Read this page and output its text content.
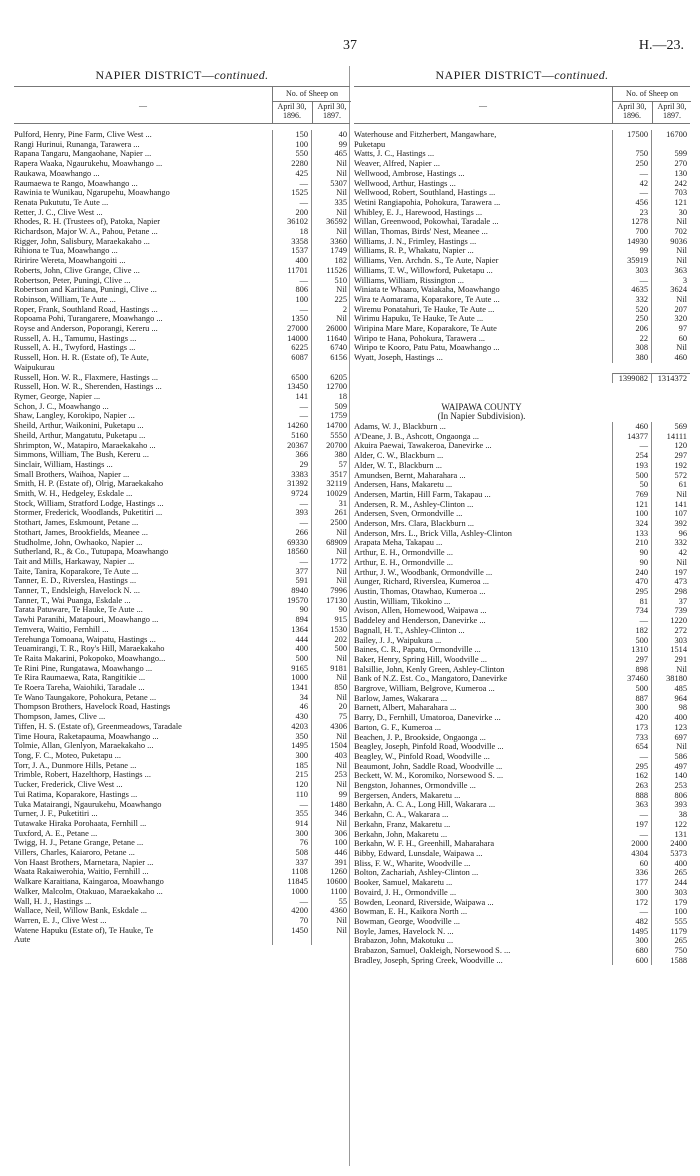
37	H.—23.
NAPIER DISTRICT—continued.
—
No. of Sheep on
April 30, 1896.
April 30, 1897.
Pulford, Henry, Pine Farm, Clive West ...	150	40
Rangi Hurinui, Runanga, Tarawera ...	100	99
Rapana Tangaru, Mangaohane, Napier ...	550	465
Rapera Waaka, Ngaurukehu, Moawhango ...	2280	Nil
Raukawa, Moawhango ...	425	Nil
Raumaewa te Rango, Moawhango ...	—	5307
Rawinia te Wunikau, Ngarupehu, Moawhango	1525	Nil
Renata Pukututu, Te Aute ...	—	335
Retter, J. C., Clive West ...	200	Nil
Rhodes, R. H. (Trustees of), Patoka, Napier	36102	36592
Richardson, Major W. A., Pahou, Petane ...	18	Nil
Rigger, John, Salisbury, Maraekakaho ...	3358	3360
Rihiona te Tua, Moawhango ...	1537	1749
Riririre Wereta, Moawhangoiti ...	400	182
Roberts, John, Clive Grange, Clive ...	11701	11526
Robertson, Peter, Puningi, Clive ...	—	510
Robertson and Karitiana, Puningi, Clive ...	806	Nil
Robinson, William, Te Aute ...	100	225
Roper, Frank, Southland Road, Hastings ...	—	2
Ropoama Pohi, Turangarere, Moawhango ...	1350	Nil
Royse and Anderson, Poporangi, Kereru ...	27000	26000
Russell, A. H., Tamumu, Hastings ...	14000	11640
Russell, A. H., Twyford, Hastings ...	6225	6740
Russell, Hon. H. R. (Estate of), Te Aute,	6087	6156
Waipukurau
Russell, Hon. W. R., Flaxmere, Hastings ...	6500	6205
Russell, Hon. W. R., Sherenden, Hastings ...	13450	12700
Rymer, George, Napier ...	141	18
Schon, J. C., Moawhango ...	—	509
Shaw, Langley, Korokipo, Napier ...	—	1759
Sheild, Arthur, Waikonini, Puketapu ...	14260	14700
Sheild, Arthur, Mangatutu, Puketapu ...	5160	5550
Shrimpton, W., Matapiro, Maraekakaho ...	20367	20700
Simmons, William, The Bush, Kereru ...	366	380
Sinclair, William, Hastings ...	29	57
Small Brothers, Waihoa, Napier ...	3383	3517
Smith, H. P. (Estate of), Olrig, Maraekakaho	31392	32119
Smith, W. H., Hedgeley, Eskdale ...	9724	10029
Stock, William, Stratford Lodge, Hastings ...	—	31
Stormer, Frederick, Woodlands, Puketitiri ...	393	261
Stothart, James, Eskmount, Petane ...	—	2500
Stothart, James, Brookfields, Meanee ...	266	Nil
Studholme, John, Owhaoko, Napier ...	69330	68909
Sutherland, R., & Co., Tutupapa, Moawhango	18560	Nil
Tait and Mills, Harkaway, Napier ...	—	1772
Taite, Tanira, Koparakore, Te Aute ...	377	Nil
Tanner, E. D., Riverslea, Hastings ...	591	Nil
Tanner, T., Endsleigh, Havelock N. ...	8940	7996
Tanner, T., Wai Puanga, Eskdale ...	19570	17130
Tarata Patuware, Te Hauke, Te Aute ...	90	90
Tawhi Paranihi, Matapouri, Moawhango ...	894	915
Temvera, Waitio, Fernhill ...	1364	1530
Terehunga Tomoana, Waipatu, Hastings ...	444	202
Teuamirangi, T. R., Roy's Hill, Maraekakaho	400	500
Te Raita Makarini, Pokopoko, Moawhango...	500	Nil
Te Rini Pine, Rungatawa, Moawhango ...	9165	9181
Te Rira Raumaewa, Rata, Rangitikie ...	1000	Nil
Te Roera Tareha, Waiohiki, Taradale ...	1341	850
Te Wano Taungakore, Pohokura, Petane ...	34	Nil
Thompson Brothers, Havelock Road, Hastings	46	20
Thompson, James, Clive ...	430	75
Tiffen, H. S. (Estate of), Greenmeadows, Taradale	4203	4306
Time Houra, Raketapauma, Moawhango ...	350	Nil
Tolmie, Allan, Glenlyon, Maraekakaho ...	1495	1504
Tong, F. C., Moteo, Puketapu ...	300	403
Torr, J. A., Dunmore Hills, Petane ...	185	Nil
Trimble, Robert, Hazelthorp, Hastings ...	215	253
Tucker, Frederick, Clive West ...	120	Nil
Tui Ratima, Koparakore, Hastings ...	110	99
Tuka Matairangi, Ngaurukehu, Moawhango	—	1480
Turner, J. F., Puketitiri ...	355	346
Tutawake Hiraka Porohaata, Fernhill ...	914	Nil
Tuxford, A. E., Petane ...	300	306
Twigg, H. J., Petane Grange, Petane ...	76	100
Villers, Charles, Kaiaroro, Petane ...	508	446
Von Haast Brothers, Marnetara, Napier ...	337	391
Waata Rakaiwerohia, Waitio, Fernhill ...	1108	1260
Walkare Karaitiana, Kaingaroa, Moawhango	11845	10600
Walker, Malcolm, Otakuao, Maraekakaho ...	1000	1100
Wall, H. J., Hastings ...	—	55
Wallace, Neil, Willow Bank, Eskdale ...	4200	4360
Warren, E. J., Clive West ...	70	Nil
Watene Hapuku (Estate of), Te Hauke, Te	1450	Nil
Aute
NAPIER DISTRICT—continued.
—
No. of Sheep on
April 30, 1896.
April 30, 1897.
Waterhouse and Fitzherbert, Mangawhare,	17500	16700
Puketapu
Watts, J. C., Hastings ...	750	599
Weaver, Alfred, Napier ...	250	270
Wellwood, Ambrose, Hastings ...	—	130
Wellwood, Arthur, Hastings ...	42	242
Wellwood, Robert, Southland, Hastings ...	—	703
Wetini Rangiapohia, Pohokura, Tarawera ...	456	121
Whibley, E. J., Harewood, Hastings ...	23	30
Willan, Greenwood, Pokowhai, Taradale ...	1278	Nil
Willan, Thomas, Birds' Nest, Meanee ...	700	702
Williams, J. N., Frimley, Hastings ...	14930	9036
Williams, R. P., Whakatu, Napier ...	99	Nil
Williams, Ven. Archdn. S., Te Aute, Napier	35919	Nil
Williams, T. W., Willowford, Puketapu ...	303	363
Williams, William, Rissington ...	—	3
Winiata te Whaaro, Waiakaha, Moawhango	4635	3624
Wira te Aomarama, Koparakore, Te Aute ...	332	Nil
Wiremu Ponatahuri, Te Hauke, Te Aute ...	520	207
Wirimu Hapuku, Te Hauke, Te Aute ...	250	320
Wiripina Mare Mare, Koparakore, Te Aute	206	97
Wiripo te Hana, Pohokura, Tarawera ...	22	60
Wiripo te Kooro, Patu Patu, Moawhango ...	308	Nil
Wyatt, Joseph, Hastings ...	380	460
1399082	1314372
WAIPAWA COUNTY
(In Napier Subdivision).
Adams, W. J., Blackburn ...	460	569
A'Deane, J. B., Ashcott, Ongaonga ...	14377	14111
Akuira Paewai, Tawakeroa, Danevirke ...	—	120
Alder, C. W., Blackburn ...	254	297
Alder, W. T., Blackburn ...	193	192
Amundsen, Bernt, Maharahara ...	500	572
Andersen, Hans, Makaretu ...	50	61
Andersen, Martin, Hill Farm, Takapau ...	769	Nil
Andersen, R. M., Ashley-Clinton ...	121	141
Andersen, Sven, Ormondville ...	100	107
Anderson, Mrs. Clara, Blackburn ...	324	392
Anderson, Mrs. L., Brick Villa, Ashley-Clinton	133	96
Arapata Meha, Takapau ...	210	332
Arthur, E. H., Ormondville ...	90	42
Arthur, E. H., Ormondville ...	90	Nil
Arthur, J. W., Woodbank, Ormondville ...	240	197
Aunger, Richard, Riverslea, Kumeroa ...	470	473
Austin, Thomas, Otawhao, Kumeroa ...	295	298
Austin, William, Tikokino ...	81	37
Avison, Allen, Homewood, Waipawa ...	734	739
Baddeley and Henderson, Danevirke ...	—	1220
Bagnall, H. T., Ashley-Clinton ...	182	272
Bailey, J. J., Waipukura ...	500	303
Baines, C. R., Papatu, Ormondville ...	1310	1514
Baker, Henry, Spring Hill, Woodville ...	297	291
Balsillie, John, Kenly Green, Ashley-Clinton	898	Nil
Bank of N.Z. Est. Co., Mangatoro, Danevirke	37460	38180
Bargrove, William, Belgrove, Kumeroa ...	500	485
Barlow, James, Wakarara ...	887	964
Barnett, Albert, Maharahara ...	300	98
Barry, D., Fernhill, Umatoroa, Danevirke ...	420	400
Barton, G. F., Kumeroa ...	173	123
Beachen, J. P., Brookside, Ongaonga ...	733	697
Beagley, Joseph, Pinfold Road, Woodville ...	654	Nil
Beagley, W., Pinfold Road, Woodville ...	—	586
Beaumont, John, Saddle Road, Woodville ...	295	497
Beckett, W. M., Koromiko, Norsewood S. ...	162	140
Bengston, Johannes, Ormondville ...	263	253
Bergersen, Anders, Makaretu ...	888	806
Berkahn, A. C. A., Long Hill, Wakarara ...	363	393
Berkahn, C. A., Wakarara ...	—	38
Berkahn, Franz, Makaretu ...	197	122
Berkahn, John, Makaretu ...	—	131
Berkahn, W. F. H., Greenhill, Maharahara	2000	2400
Bibby, Edward, Lunsdale, Waipawa ...	4304	5373
Bliss, F. W., Wharite, Woodville ...	60	400
Bolton, Zachariah, Ashley-Clinton ...	336	265
Booker, Samuel, Makaretu ...	177	244
Bovaird, J. H., Ormondville ...	300	303
Bowden, Leonard, Riverside, Waipawa ...	172	179
Bowman, E. H., Kaikora North ...	—	100
Bowman, George, Woodville ...	482	555
Boyle, James, Havelock N. ...	1495	1179
Brabazon, John, Makotuku ...	300	265
Brabazon, Samuel, Oakleigh, Norsewood S. ...	680	750
Bradley, Joseph, Spring Creek, Woodville ...	600	1588
